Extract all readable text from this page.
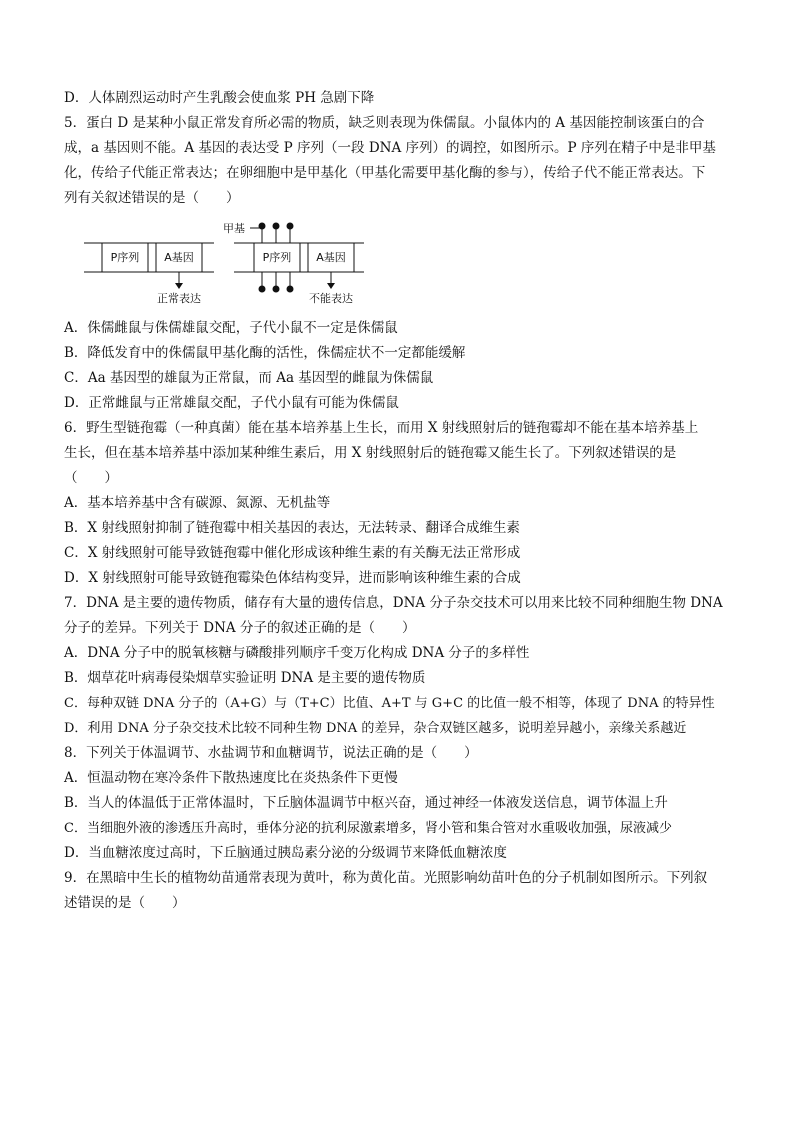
D．人体剧烈运动时产生乳酸会使血浆 PH 急剧下降
5．蛋白 D 是某种小鼠正常发育所必需的物质，缺乏则表现为侏儒鼠。小鼠体内的 A 基因能控制该蛋白的合
成，a 基因则不能。A 基因的表达受 P 序列（一段 DNA 序列）的调控，如图所示。P 序列在精子中是非甲基
化，传给子代能正常表达；在卵细胞中是甲基化（甲基化需要甲基化酶的参与），传给子代不能正常表达。下
列有关叙述错误的是（　　）
P序列 A基因
正常表达
P序列 A基因
甲基
不能表达
A．侏儒雌鼠与侏儒雄鼠交配，子代小鼠不一定是侏儒鼠
B．降低发育中的侏儒鼠甲基化酶的活性，侏儒症状不一定都能缓解
C．Aa 基因型的雄鼠为正常鼠，而 Aa 基因型的雌鼠为侏儒鼠
D．正常雌鼠与正常雄鼠交配，子代小鼠有可能为侏儒鼠
6．野生型链孢霉（一种真菌）能在基本培养基上生长，而用 X 射线照射后的链孢霉却不能在基本培养基上
生长，但在基本培养基中添加某种维生素后，用 X 射线照射后的链孢霉又能生长了。下列叙述错误的是
（　　）
A．基本培养基中含有碳源、氮源、无机盐等
B．X 射线照射抑制了链孢霉中相关基因的表达，无法转录、翻译合成维生素
C．X 射线照射可能导致链孢霉中催化形成该种维生素的有关酶无法正常形成
D．X 射线照射可能导致链孢霉染色体结构变异，进而影响该种维生素的合成
7．DNA 是主要的遗传物质，储存有大量的遗传信息，DNA 分子杂交技术可以用来比较不同种细胞生物 DNA
分子的差异。下列关于 DNA 分子的叙述正确的是（　　）
A．DNA 分子中的脱氧核糖与磷酸排列顺序千变万化构成 DNA 分子的多样性
B．烟草花叶病毒侵染烟草实验证明 DNA 是主要的遗传物质
C．每种双链 DNA 分子的（A+G）与（T+C）比值、A+T 与 G+C 的比值一般不相等，体现了 DNA 的特异性
D．利用 DNA 分子杂交技术比较不同种生物 DNA 的差异，杂合双链区越多，说明差异越小，亲缘关系越近
8．下列关于体温调节、水盐调节和血糖调节，说法正确的是（　　）
A．恒温动物在寒冷条件下散热速度比在炎热条件下更慢
B．当人的体温低于正常体温时，下丘脑体温调节中枢兴奋，通过神经一体液发送信息，调节体温上升
C．当细胞外液的渗透压升高时，垂体分泌的抗利尿激素增多，肾小管和集合管对水重吸收加强，尿液减少
D．当血糖浓度过高时，下丘脑通过胰岛素分泌的分级调节来降低血糖浓度
9．在黑暗中生长的植物幼苗通常表现为黄叶，称为黄化苗。光照影响幼苗叶色的分子机制如图所示。下列叙
述错误的是（　　）
